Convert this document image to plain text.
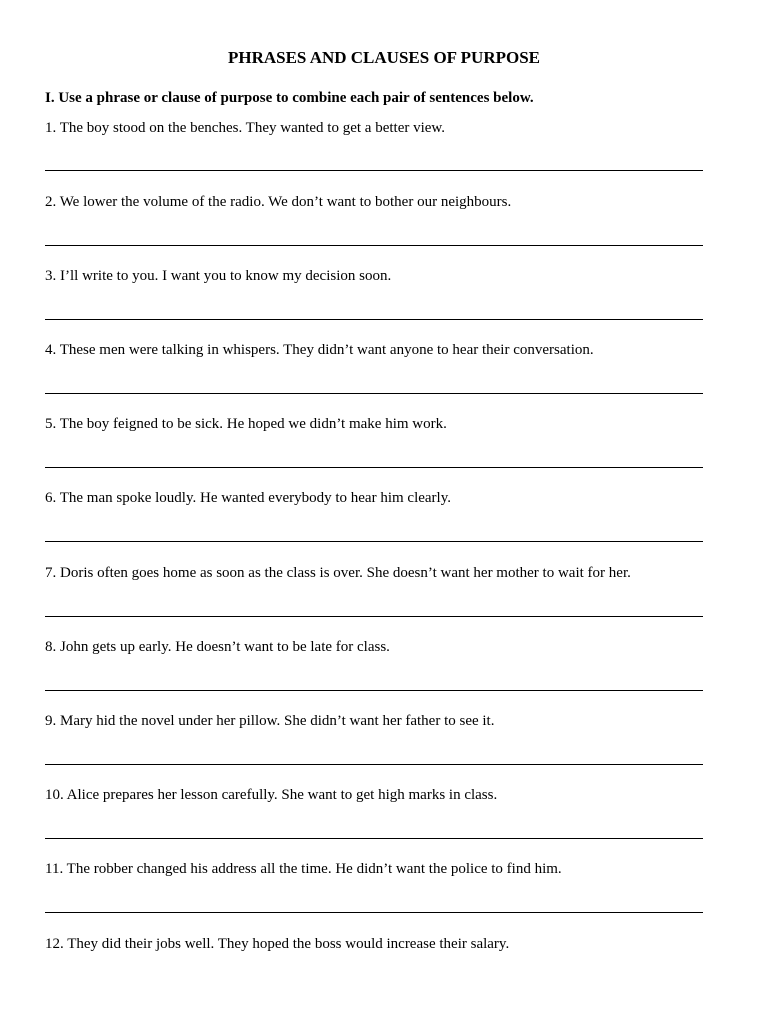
PHRASES AND CLAUSES OF PURPOSE
I. Use a phrase or clause of purpose to combine each pair of sentences below.
1. The boy stood on the benches. They wanted to get a better view.
2. We lower the volume of the radio. We don’t want to bother our neighbours.
3. I’ll write to you. I want you to know my decision soon.
4. These men were talking in whispers. They didn’t want anyone to hear their conversation.
5. The boy feigned to be sick. He hoped we didn’t make him work.
6. The man spoke loudly. He wanted everybody to hear him clearly.
7. Doris often goes home as soon as the class is over. She doesn’t want her mother to wait for her.
8. John gets up early. He doesn’t want to be late for class.
9. Mary hid the novel under her pillow. She didn’t want her father to see it.
10. Alice prepares her lesson carefully. She want to get high marks in class.
11. The robber changed his address all the time. He didn’t want the police to find him.
12. They did their jobs well. They hoped the boss would increase their salary.
